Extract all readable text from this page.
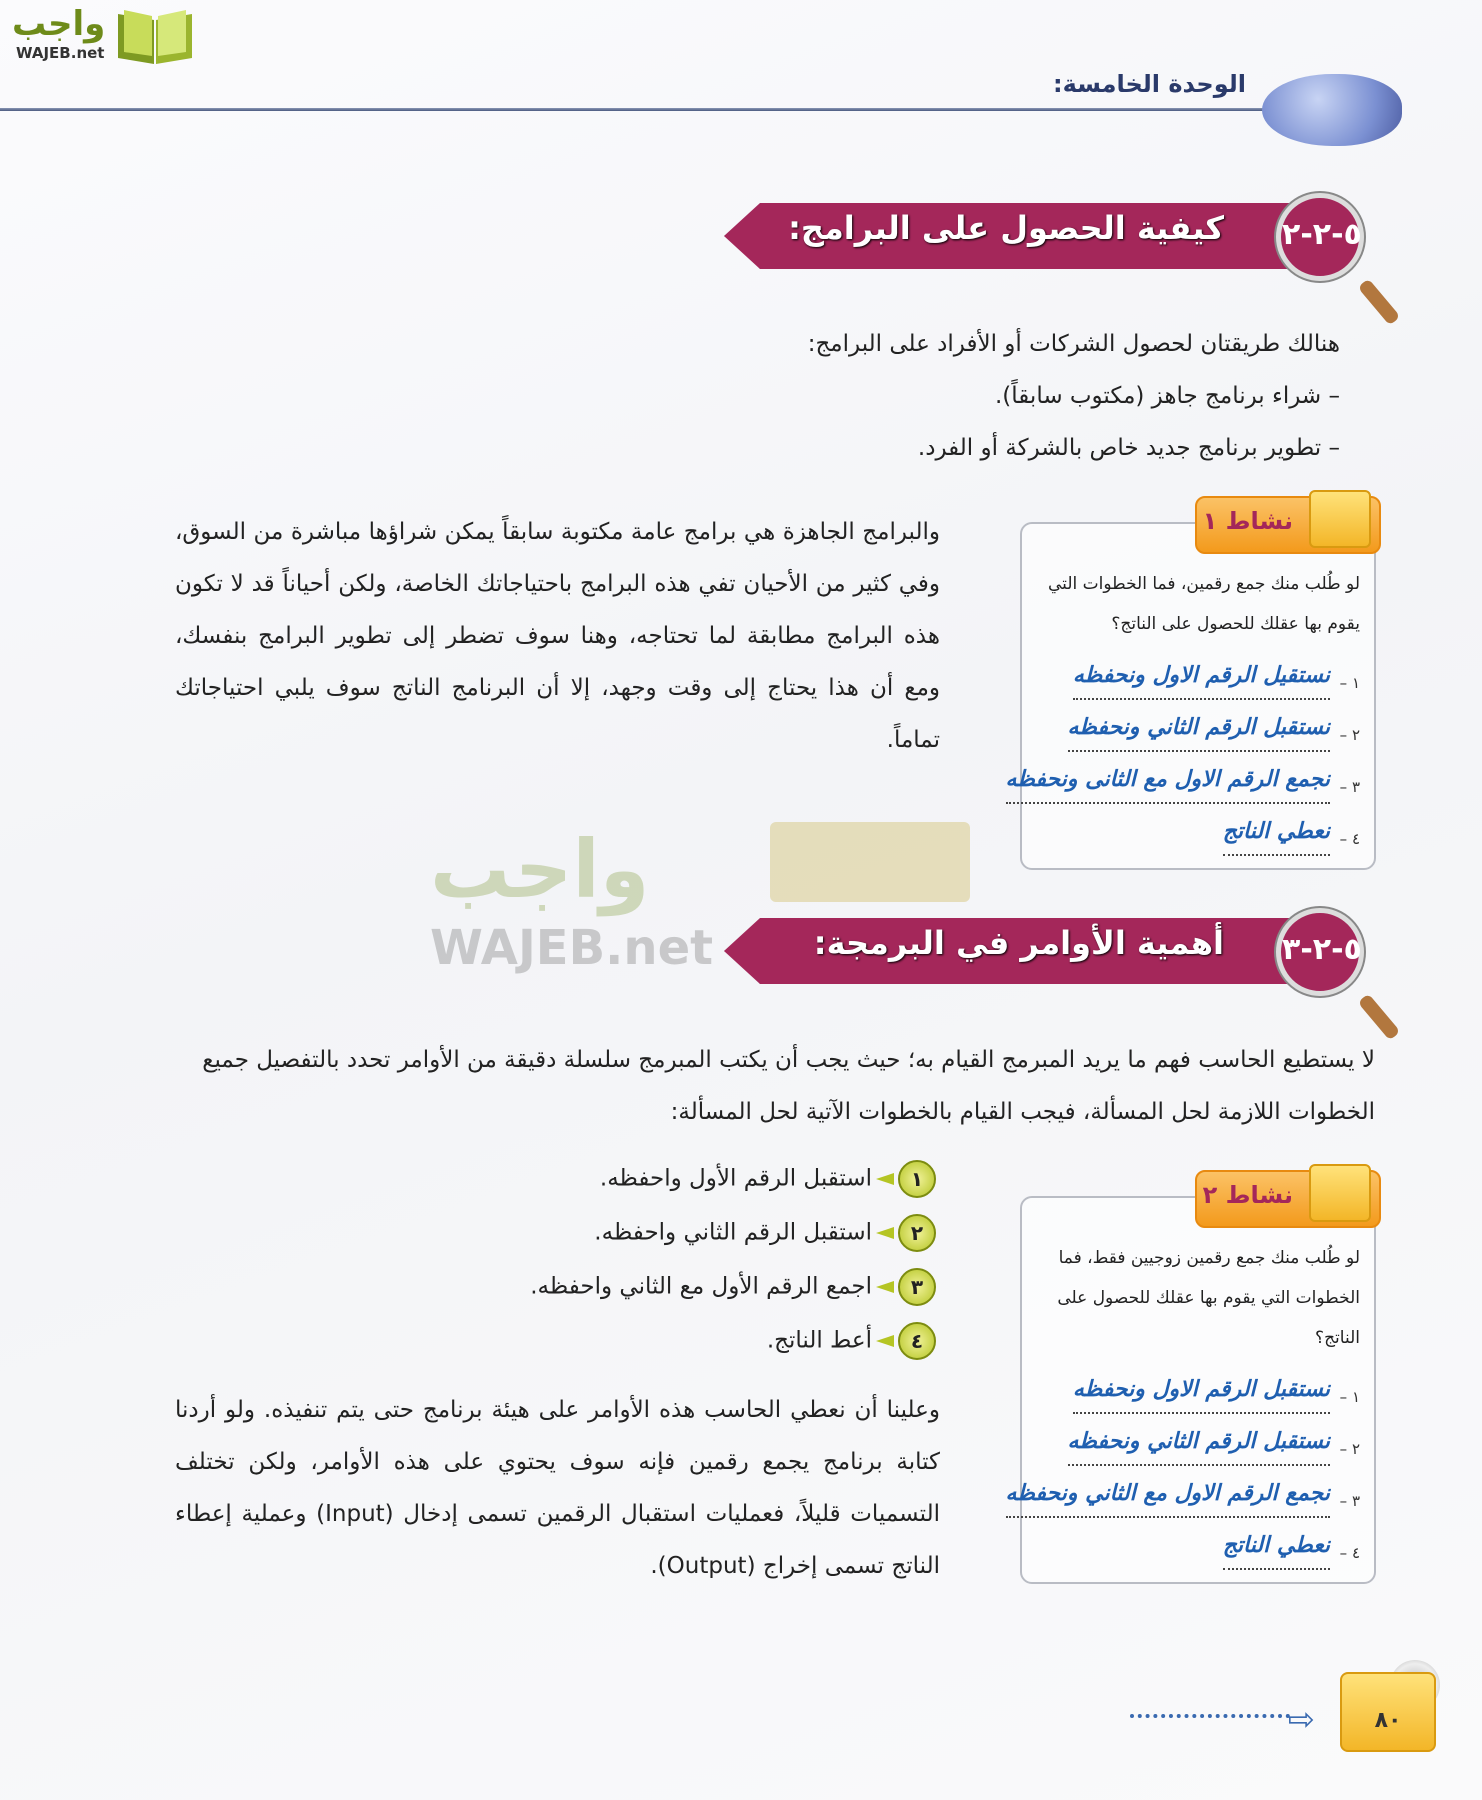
واجب
WAJEB.net
الوحدة الخامسة:
كيفية الحصول على البرامج: ٥-٢-٢
هنالك طريقتان لحصول الشركات أو الأفراد على البرامج:
– شراء برنامج جاهز (مكتوب سابقاً).
– تطوير برنامج جديد خاص بالشركة أو الفرد.
والبرامج الجاهزة هي برامج عامة مكتوبة سابقاً يمكن شراؤها مباشرة من السوق، وفي كثير من الأحيان تفي هذه البرامج باحتياجاتك الخاصة، ولكن أحياناً قد لا تكون هذه البرامج مطابقة لما تحتاجه، وهنا سوف تضطر إلى تطوير البرامج بنفسك، ومع أن هذا يحتاج إلى وقت وجهد، إلا أن البرنامج الناتج سوف يلبي احتياجاتك تماماً.
لو طُلب منك جمع رقمين، فما الخطوات التي يقوم بها عقلك للحصول على الناتج؟
١ –
نستقيل الرقم الاول ونحفظه
٢ –
نستقبل الرقم الثاني ونحفظه
٣ –
نجمع الرقم الاول مع الثانى ونحفظه
٤ –
نعطي الناتج
نشاط ١
واجب
WAJEB.net	أهمية الأوامر في البرمجة: ٥-٢-٣
لا يستطيع الحاسب فهم ما يريد المبرمج القيام به؛ حيث يجب أن يكتب المبرمج سلسلة دقيقة من الأوامر تحدد بالتفصيل جميع الخطوات اللازمة لحل المسألة، فيجب القيام بالخطوات الآتية لحل المسألة:
١استقبل الرقم الأول واحفظه.
٢استقبل الرقم الثاني واحفظه.
٣اجمع الرقم الأول مع الثاني واحفظه.
٤أعط الناتج.
وعلينا أن نعطي الحاسب هذه الأوامر على هيئة برنامج حتى يتم تنفيذه. ولو أردنا كتابة برنامج يجمع رقمين فإنه سوف يحتوي على هذه الأوامر، ولكن تختلف التسميات قليلاً، فعمليات استقبال الرقمين تسمى إدخال (Input) وعملية إعطاء الناتج تسمى إخراج (Output).
لو طُلب منك جمع رقمين زوجيين فقط، فما الخطوات التي يقوم بها عقلك للحصول على الناتج؟
١ –
نستقبل الرقم الاول ونحفظه
٢ –
نستقبل الرقم الثاني ونحفظه
٣ –
نجمع الرقم الاول مع الثاني ونحفظه
٤ –
نعطي الناتج
نشاط ٢
٨٠
⇨
